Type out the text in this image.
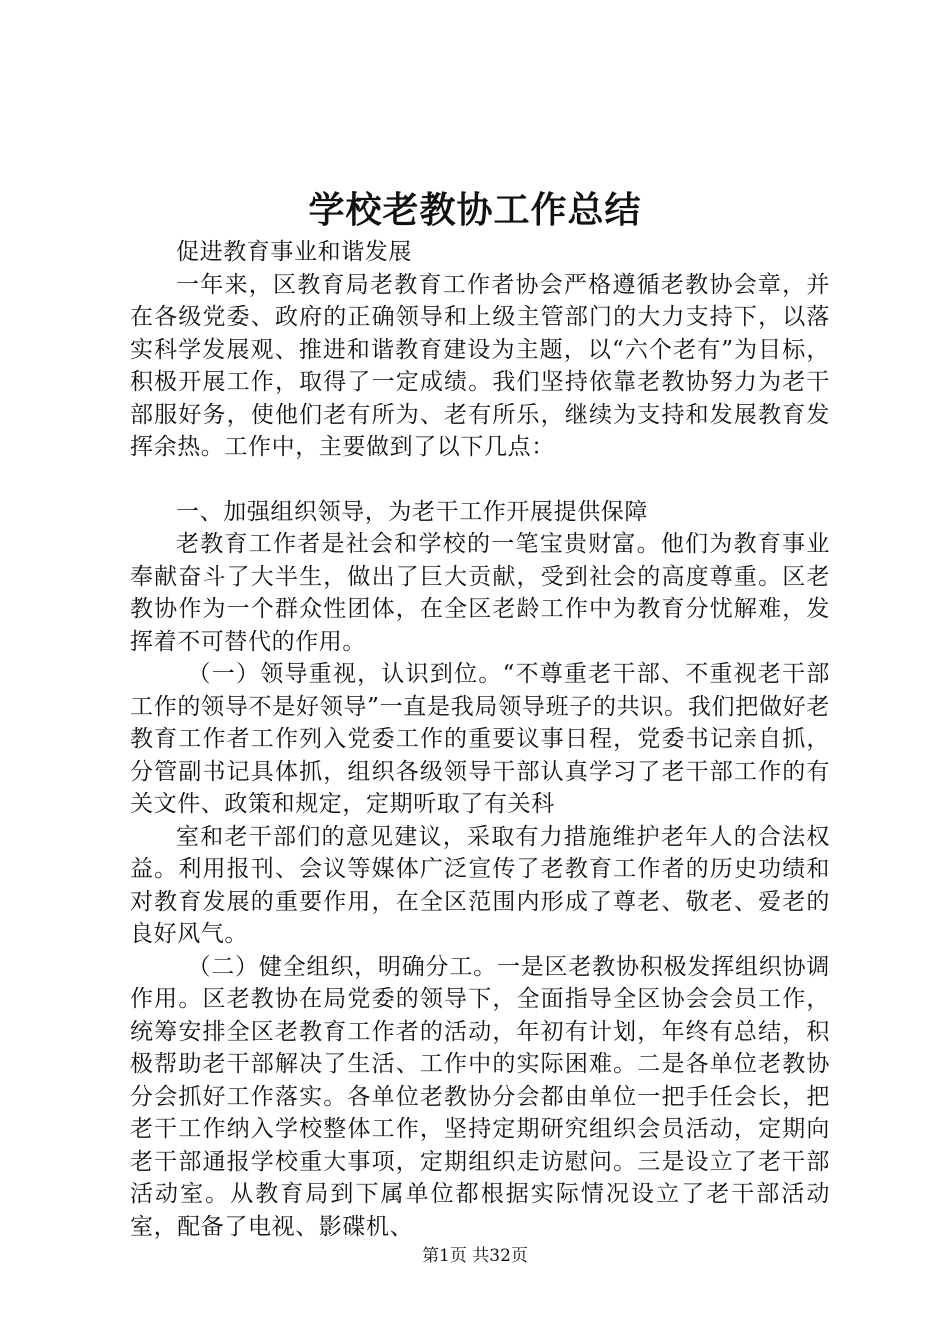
学校老教协工作总结

促进教育事业和谐发展

一年来，区教育局老教育工作者协会严格遵循老教协会章，并在各级党委、政府的正确领导和上级主管部门的大力支持下，以落实科学发展观、推进和谐教育建设为主题，以“六个老有”为目标，积极开展工作，取得了一定成绩。我们坚持依靠老教协努力为老干部服好务，使他们老有所为、老有所乐，继续为支持和发展教育发挥余热。工作中，主要做到了以下几点：

一、加强组织领导，为老干工作开展提供保障

老教育工作者是社会和学校的一笔宝贵财富。他们为教育事业奉献奋斗了大半生，做出了巨大贡献，受到社会的高度尊重。区老教协作为一个群众性团体，在全区老龄工作中为教育分忧解难，发挥着不可替代的作用。

（一）领导重视，认识到位。“不尊重老干部、不重视老干部工作的领导不是好领导”一直是我局领导班子的共识。我们把做好老教育工作者工作列入党委工作的重要议事日程，党委书记亲自抓，分管副书记具体抓，组织各级领导干部认真学习了老干部工作的有关文件、政策和规定，定期听取了有关科

室和老干部们的意见建议，采取有力措施维护老年人的合法权益。利用报刊、会议等媒体广泛宣传了老教育工作者的历史功绩和对教育发展的重要作用，在全区范围内形成了尊老、敬老、爱老的良好风气。

（二）健全组织，明确分工。一是区老教协积极发挥组织协调作用。区老教协在局党委的领导下，全面指导全区协会会员工作，统筹安排全区老教育工作者的活动，年初有计划，年终有总结，积极帮助老干部解决了生活、工作中的实际困难。二是各单位老教协分会抓好工作落实。各单位老教协分会都由单位一把手任会长，把老干工作纳入学校整体工作，坚持定期研究组织会员活动，定期向老干部通报学校重大事项，定期组织走访慰问。三是设立了老干部活动室。从教育局到下属单位都根据实际情况设立了老干部活动室，配备了电视、影碟机、

第1页 共32页
